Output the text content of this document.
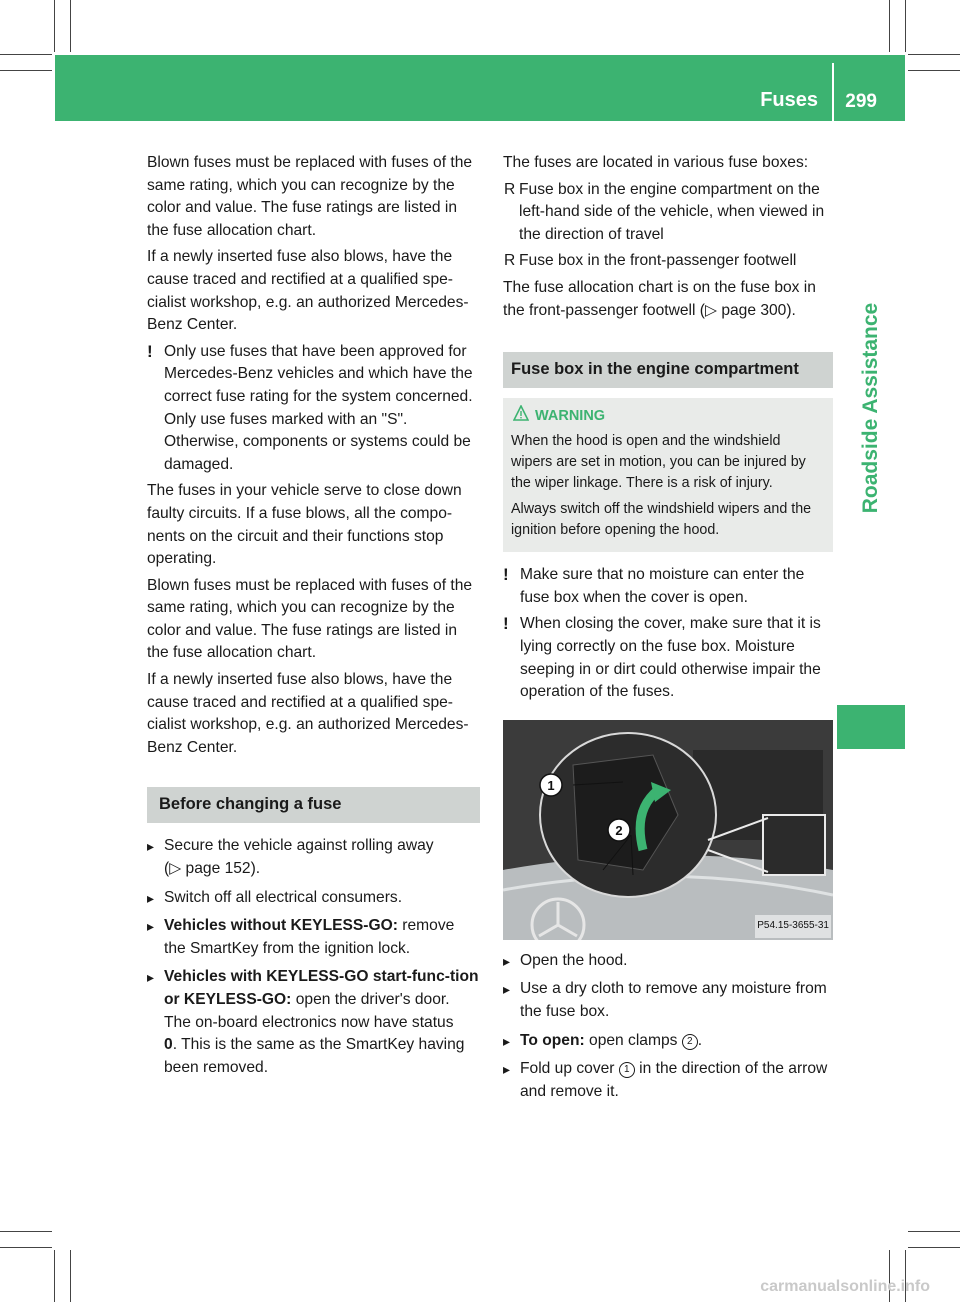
Fuses 299
Roadside Assistance

Blown fuses must be replaced with fuses of the same rating, which you can recognize by the color and value. The fuse ratings are listed in the fuse allocation chart.

If a newly inserted fuse also blows, have the cause traced and rectified at a qualified spe-cialist workshop, e.g. an authorized Mercedes-Benz Center.

! Only use fuses that have been approved for Mercedes-Benz vehicles and which have the correct fuse rating for the system concerned. Only use fuses marked with an "S". Otherwise, components or systems could be damaged.

The fuses in your vehicle serve to close down faulty circuits. If a fuse blows, all the compo-nents on the circuit and their functions stop operating.

Blown fuses must be replaced with fuses of the same rating, which you can recognize by the color and value. The fuse ratings are listed in the fuse allocation chart.

If a newly inserted fuse also blows, have the cause traced and rectified at a qualified spe-cialist workshop, e.g. an authorized Mercedes-Benz Center.

Before changing a fuse
▸ Secure the vehicle against rolling away
(▷ page 152).
▸ Switch off all electrical consumers.
▸ Vehicles without KEYLESS-GO: remove the SmartKey from the ignition lock.
▸ Vehicles with KEYLESS-GO start-func-tion or KEYLESS-GO: open the driver's door.
The on-board electronics now have status
0. This is the same as the SmartKey having been removed.

The fuses are located in various fuse boxes:

R Fuse box in the engine compartment on the left-hand side of the vehicle, when viewed in the direction of travel
R Fuse box in the front-passenger footwell

The fuse allocation chart is on the fuse box in the front-passenger footwell (▷ page 300).

Fuse box in the engine compartment
WARNING

When the hood is open and the windshield wipers are set in motion, you can be injured by the wiper linkage. There is a risk of injury.

Always switch off the windshield wipers and the ignition before opening the hood.

! Make sure that no moisture can enter the fuse box when the cover is open.
! When closing the cover, make sure that it is lying correctly on the fuse box. Moisture seeping in or dirt could otherwise impair the operation of the fuses.
1
2
P54.15-3655-31
▸ Open the hood.
▸ Use a dry cloth to remove any moisture from the fuse box.
▸ To open: open clamps 2 .
▸ Fold up cover 1 in the direction of the arrow and remove it.
carmanualsonline.info
